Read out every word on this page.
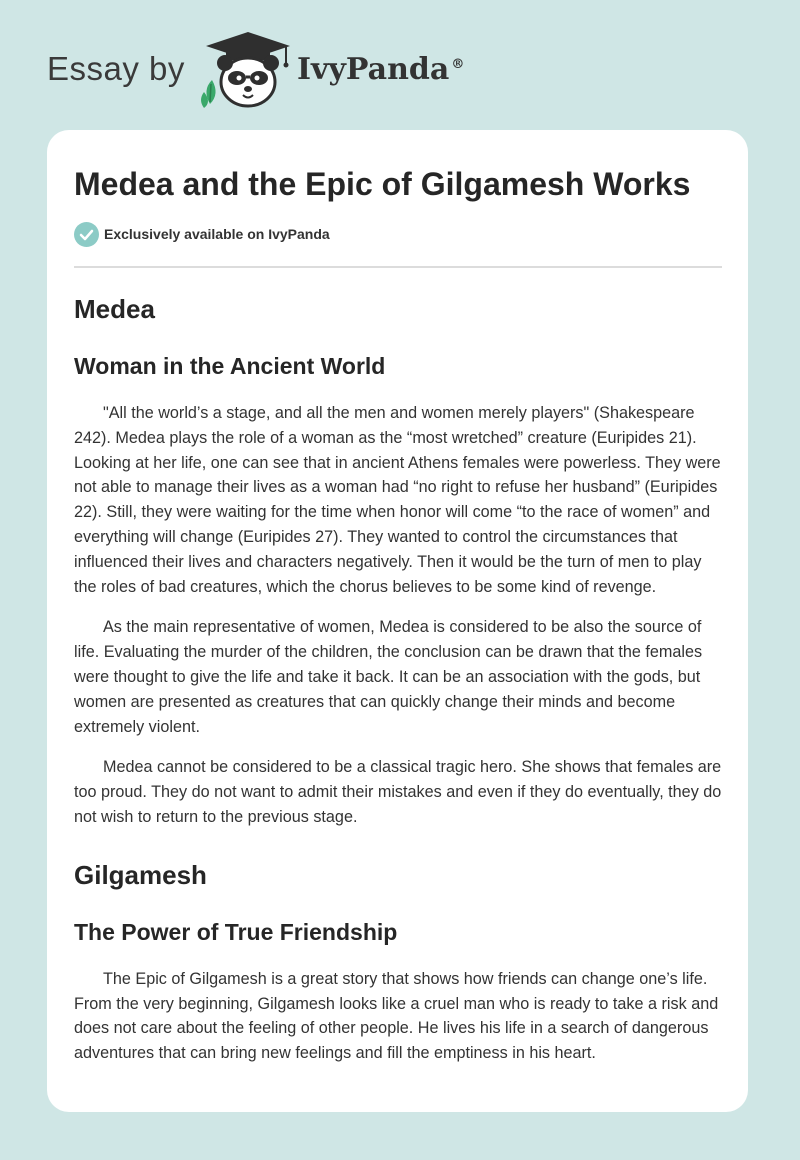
Essay by	IvyPanda ®
Medea and the Epic of Gilgamesh Works
Exclusively available on IvyPanda
Medea
Woman in the Ancient World

"All the world’s a stage, and all the men and women merely players" (Shakespeare 242). Medea plays the role of a woman as the “most wretched” creature (Euripides 21). Looking at her life, one can see that in ancient Athens females were powerless. They were not able to manage their lives as a woman had “no right to refuse her husband” (Euripides 22). Still, they were waiting for the time when honor will come “to the race of women” and everything will change (Euripides 27). They wanted to control the circumstances that influenced their lives and characters negatively. Then it would be the turn of men to play the roles of bad creatures, which the chorus believes to be some kind of revenge.

As the main representative of women, Medea is considered to be also the source of life. Evaluating the murder of the children, the conclusion can be drawn that the females were thought to give the life and take it back. It can be an association with the gods, but women are presented as creatures that can quickly change their minds and become extremely violent.

Medea cannot be considered to be a classical tragic hero. She shows that females are too proud. They do not want to admit their mistakes and even if they do eventually, they do not wish to return to the previous stage.

Gilgamesh
The Power of True Friendship

The Epic of Gilgamesh is a great story that shows how friends can change one’s life. From the very beginning, Gilgamesh looks like a cruel man who is ready to take a risk and does not care about the feeling of other people. He lives his life in a search of dangerous adventures that can bring new feelings and fill the emptiness in his heart.
